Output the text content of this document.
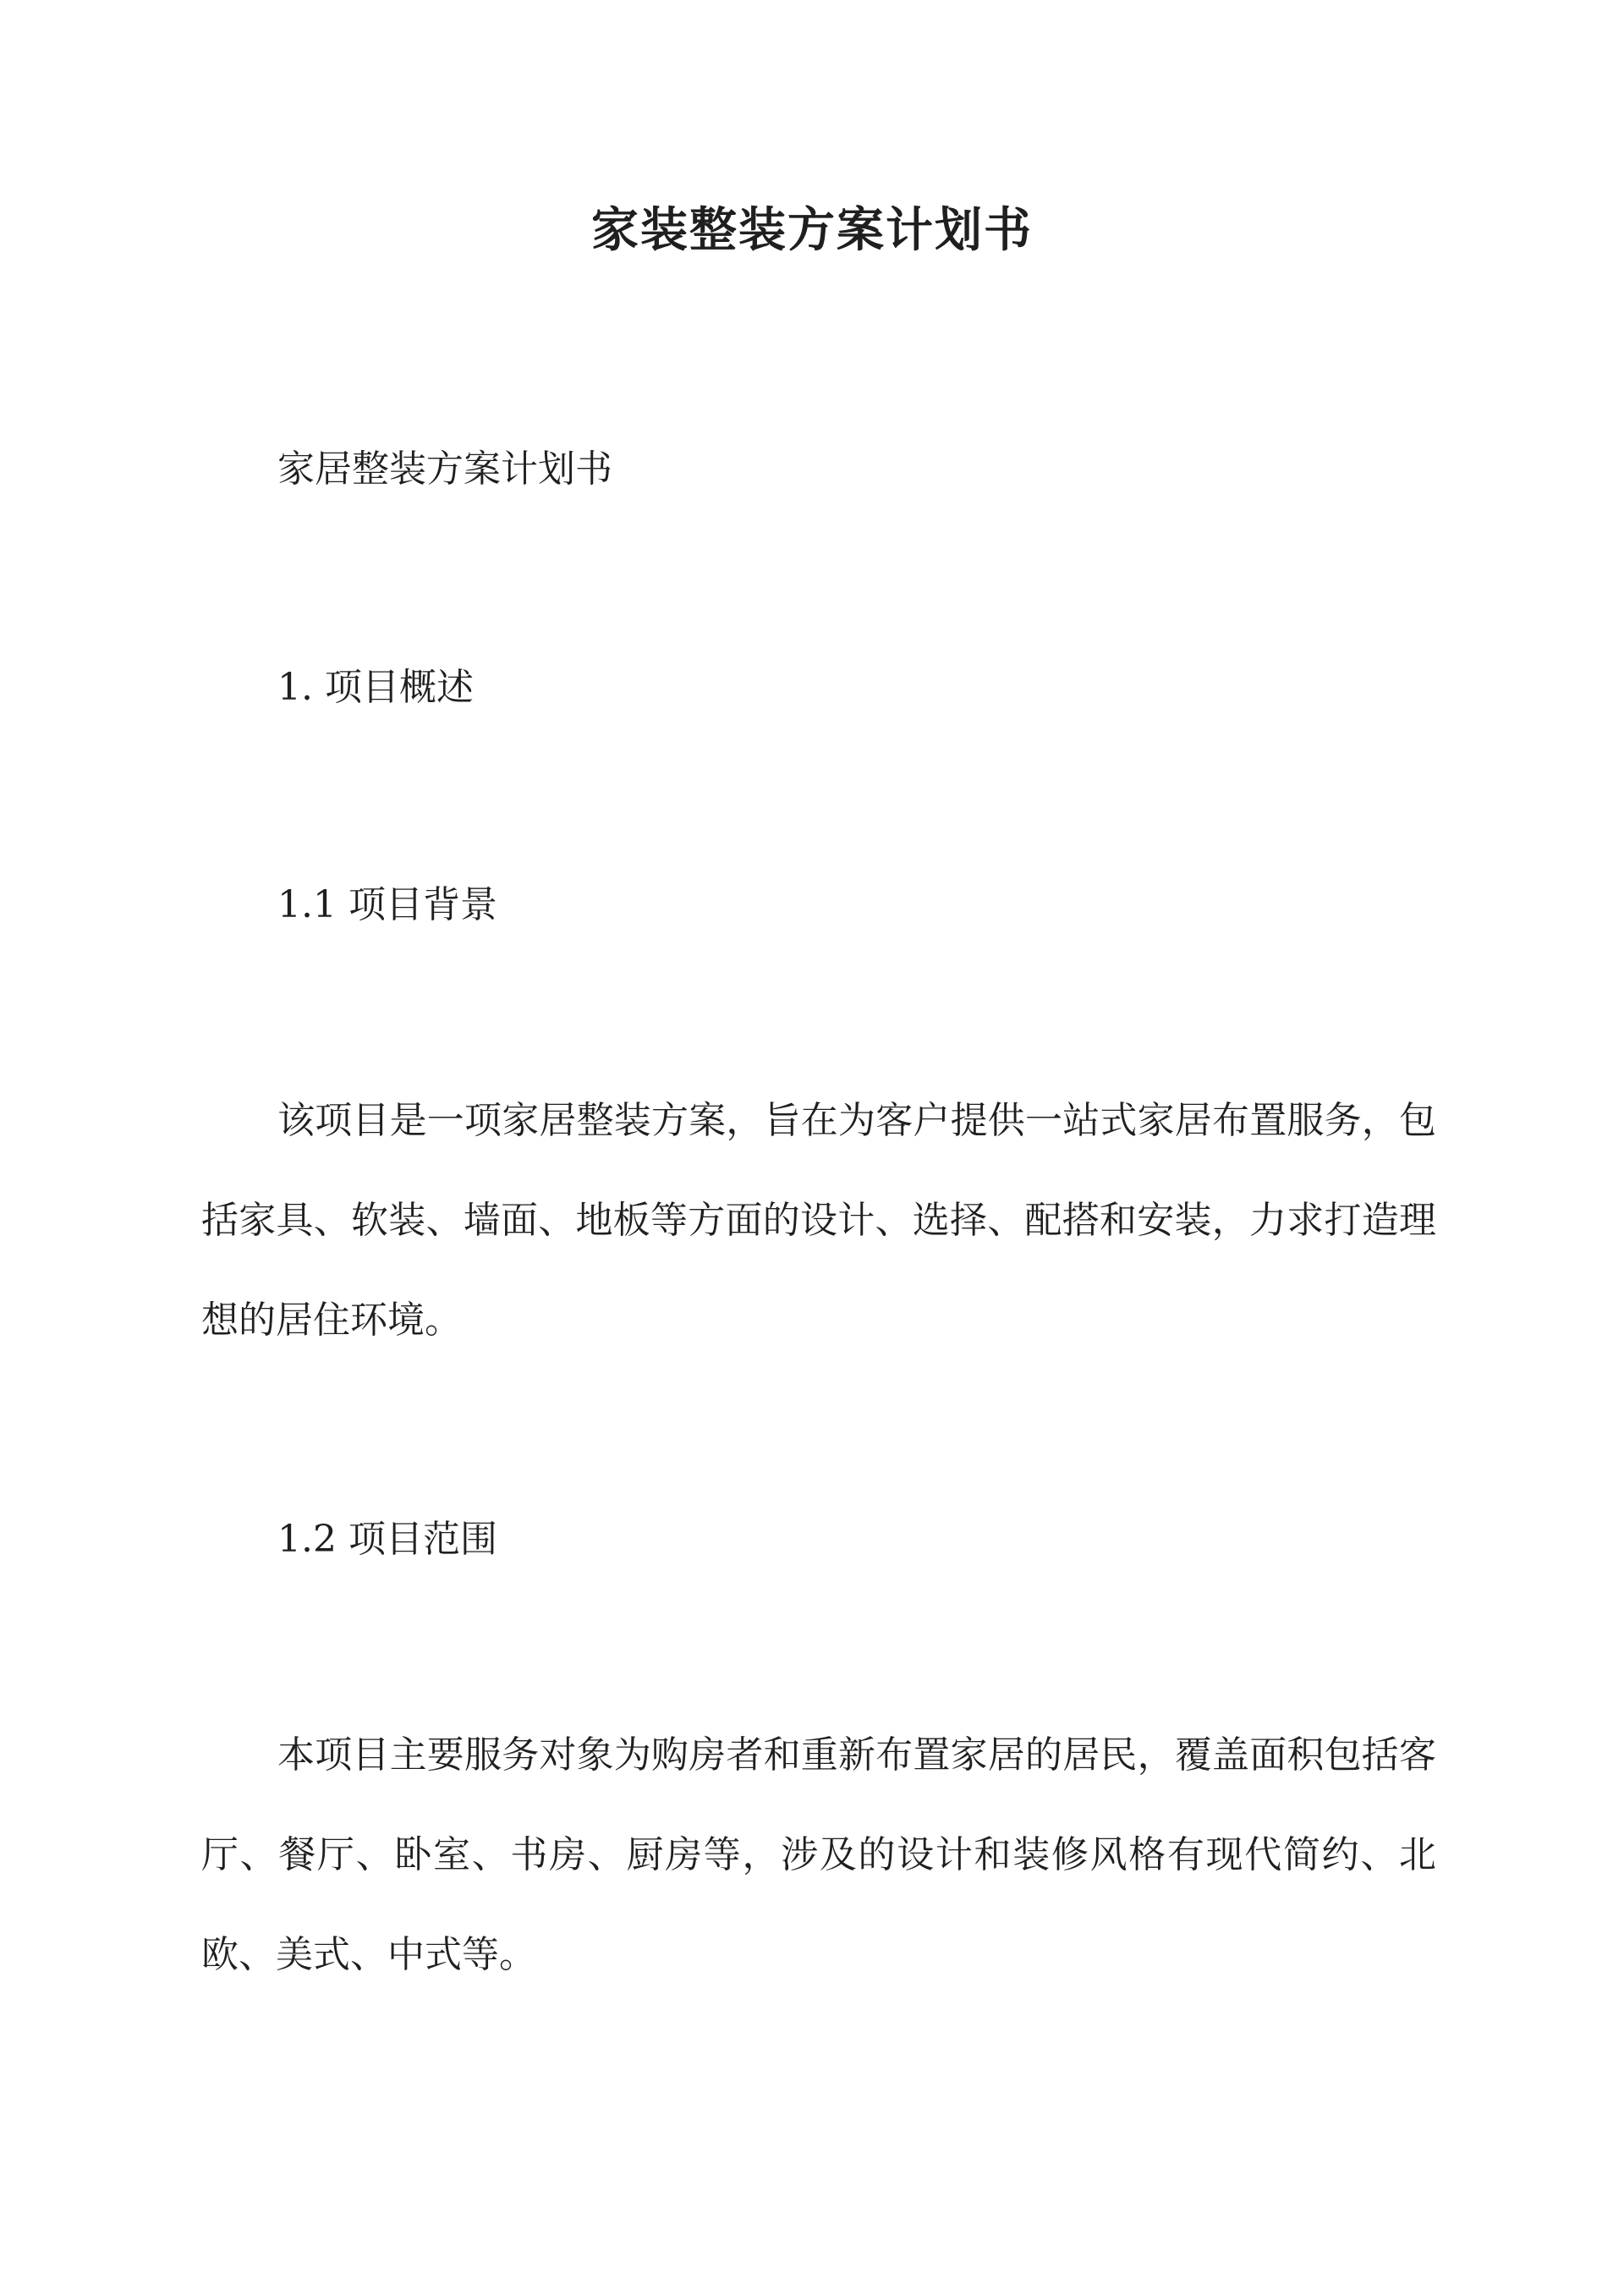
家装整装方案计划书

家居整装方案计划书

1. 项目概述

1.1 项目背景

该项目是一项家居整装方案，旨在为客户提供一站式家居布置服务，包括家具、软装、墙面、地板等方面的设计、选择、配搭和安装，力求打造理想的居住环境。

1.2 项目范围

本项目主要服务对象为购房者和重新布置家居的居民，覆盖面积包括客厅、餐厅、卧室、书房、厨房等，涉及的设计和装修风格有现代简约、北欧、美式、中式等。
